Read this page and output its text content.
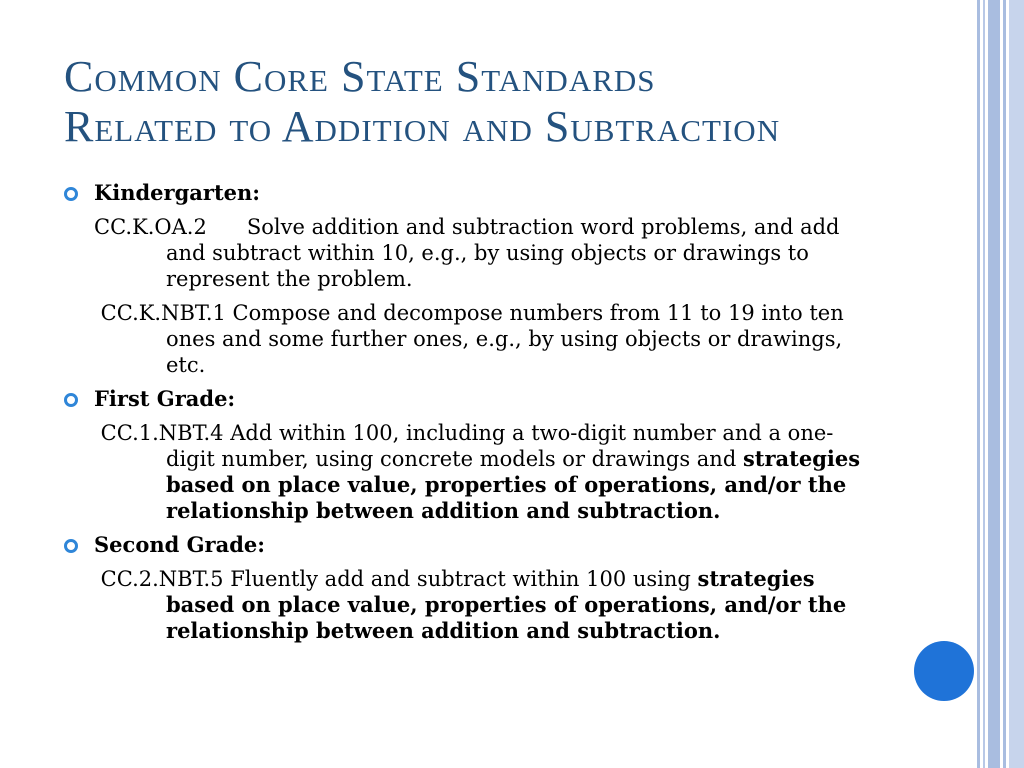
Common Core State Standards
Related to Addition and Subtraction
Kindergarten:
CC.K.OA.2      Solve addition and subtraction word problems, and add and subtract within 10, e.g., by using objects or drawings to represent the problem.
CC.K.NBT.1 Compose and decompose numbers from 11 to 19 into ten ones and some further ones, e.g., by using objects or drawings, etc.
First Grade:
CC.1.NBT.4 Add within 100, including a two-digit number and a one-digit number, using concrete models or drawings and strategies based on place value, properties of operations, and/or the relationship between addition and subtraction.
Second Grade:
CC.2.NBT.5 Fluently add and subtract within 100 using strategies based on place value, properties of operations, and/or the relationship between addition and subtraction.
